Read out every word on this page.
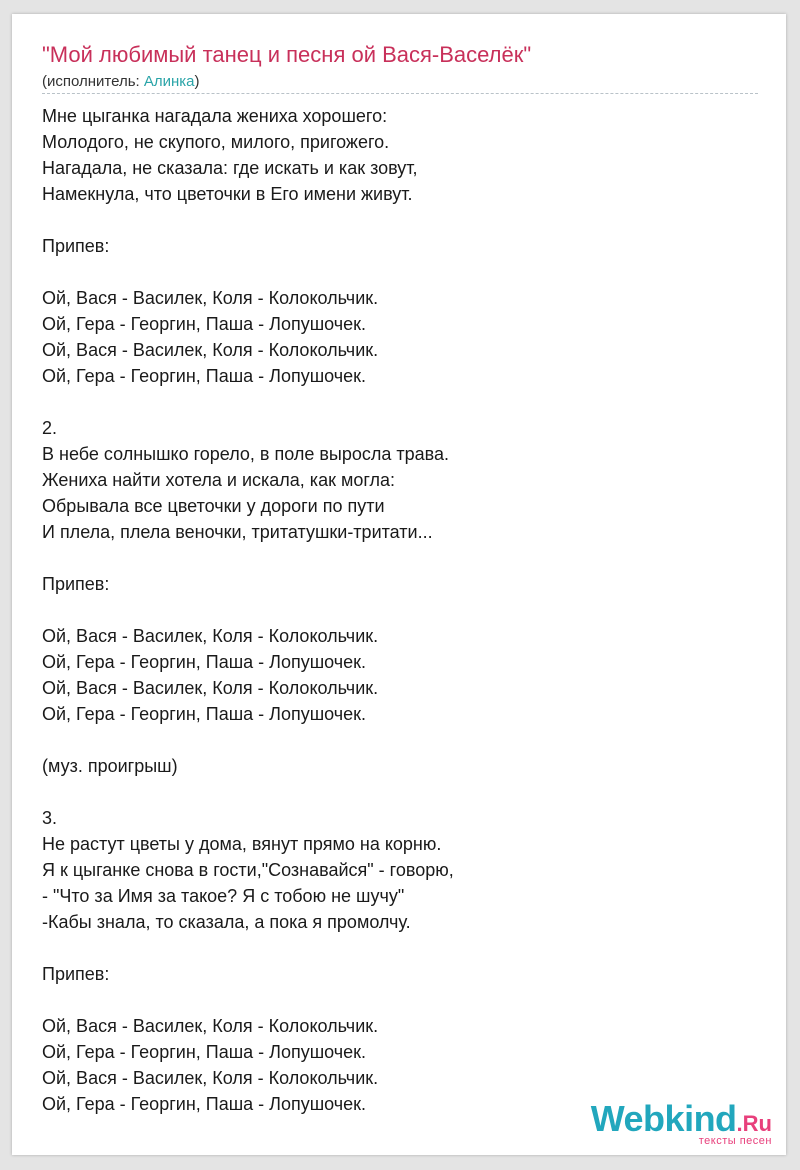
"Мой любимый танец и песня ой Вася-Васелёк"
(исполнитель: Алинка)
Мне цыганка нагадала жениха хорошего:
Молодого, не скупого, милого, пригожего.
Нагадала, не сказала: где искать и как зовут,
Намекнула, что цветочки в Его имени живут.
Припев:
Ой, Вася - Василек, Коля - Колокольчик.
Ой, Гера - Георгин, Паша - Лопушочек.
Ой, Вася - Василек, Коля - Колокольчик.
Ой, Гера - Георгин, Паша - Лопушочек.
2.
В небе солнышко горело, в поле выросла трава.
Жениха найти хотела и искала, как могла:
Обрывала все цветочки у дороги по пути
И плела, плела веночки, тритатушки-тритати...
Припев:
Ой, Вася - Василек, Коля - Колокольчик.
Ой, Гера - Георгин, Паша - Лопушочек.
Ой, Вася - Василек, Коля - Колокольчик.
Ой, Гера - Георгин, Паша - Лопушочек.
(муз. проигрыш)
3.
Не растут цветы у дома, вянут прямо на корню.
Я к цыганке снова в гости,"Сознавайся" - говорю,
- "Что за Имя за такое? Я с тобою не шучу"
-Кабы знала, то сказала, а пока я промолчу.
Припев:
Ой, Вася - Василек, Коля - Колокольчик.
Ой, Гера - Георгин, Паша - Лопушочек.
Ой, Вася - Василек, Коля - Колокольчик.
Ой, Гера - Георгин, Паша - Лопушочек.	Webkind.Ru
тексты песен
